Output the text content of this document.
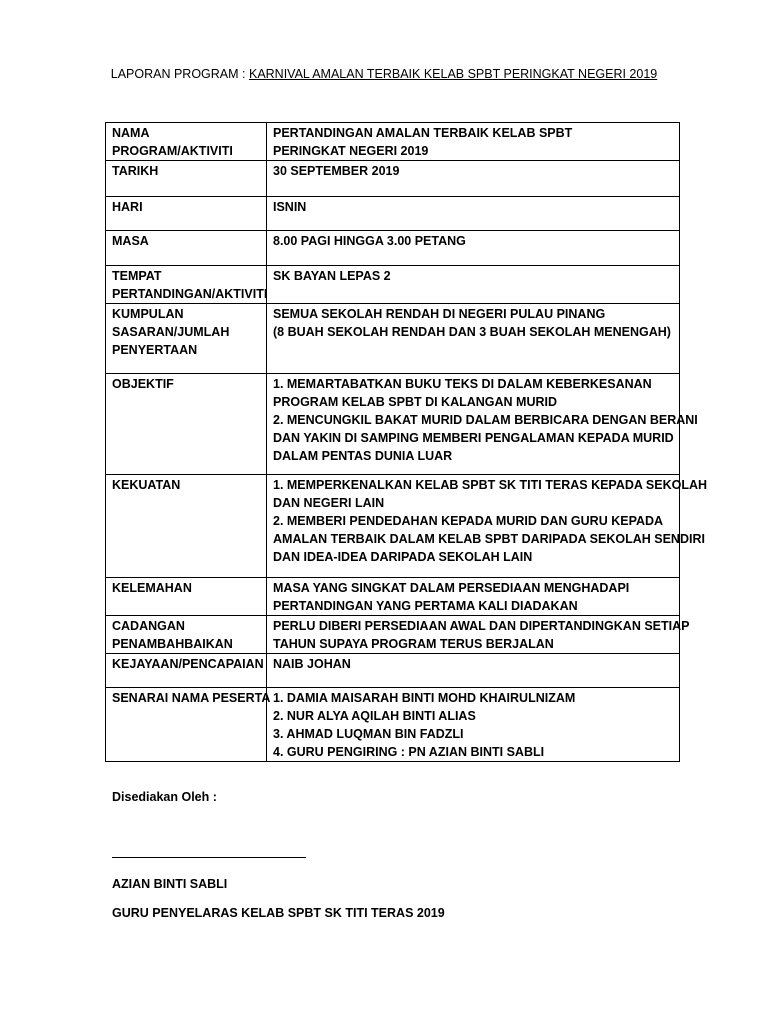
LAPORAN PROGRAM : KARNIVAL AMALAN TERBAIK KELAB SPBT PERINGKAT NEGERI 2019
NAMA
PROGRAM/AKTIVITI	PERTANDINGAN AMALAN TERBAIK KELAB SPBT
PERINGKAT NEGERI 2019

TARIKH	30 SEPTEMBER 2019

HARI	ISNIN

MASA	8.00 PAGI HINGGA 3.00 PETANG

TEMPAT
PERTANDINGAN/AKTIVITI	SK BAYAN LEPAS 2

KUMPULAN
SASARAN/JUMLAH
PENYERTAAN	SEMUA SEKOLAH RENDAH DI NEGERI PULAU PINANG
(8 BUAH SEKOLAH RENDAH DAN 3 BUAH SEKOLAH MENENGAH)

OBJEKTIF	1. MEMARTABATKAN BUKU TEKS DI DALAM KEBERKESANAN
PROGRAM KELAB SPBT DI KALANGAN MURID
2. MENCUNGKIL BAKAT MURID DALAM BERBICARA DENGAN BERANI
DAN YAKIN DI SAMPING MEMBERI PENGALAMAN KEPADA MURID
DALAM PENTAS DUNIA LUAR

KEKUATAN	1. MEMPERKENALKAN KELAB SPBT SK TITI TERAS KEPADA SEKOLAH
DAN NEGERI LAIN
2. MEMBERI PENDEDAHAN KEPADA MURID DAN GURU KEPADA
AMALAN TERBAIK DALAM KELAB SPBT DARIPADA SEKOLAH SENDIRI
DAN IDEA-IDEA DARIPADA SEKOLAH LAIN

KELEMAHAN	MASA YANG SINGKAT DALAM PERSEDIAAN MENGHADAPI
PERTANDINGAN YANG PERTAMA KALI DIADAKAN

CADANGAN
PENAMBAHBAIKAN	PERLU DIBERI PERSEDIAAN AWAL DAN DIPERTANDINGKAN SETIAP
TAHUN SUPAYA PROGRAM TERUS BERJALAN

KEJAYAAN/PENCAPAIAN	NAIB JOHAN

SENARAI NAMA PESERTA	1. DAMIA MAISARAH BINTI MOHD KHAIRULNIZAM
2. NUR ALYA AQILAH BINTI ALIAS
3. AHMAD LUQMAN BIN FADZLI
4. GURU PENGIRING : PN AZIAN BINTI SABLI
Disediakan Oleh :
AZIAN BINTI SABLI
GURU PENYELARAS KELAB SPBT SK TITI TERAS 2019
